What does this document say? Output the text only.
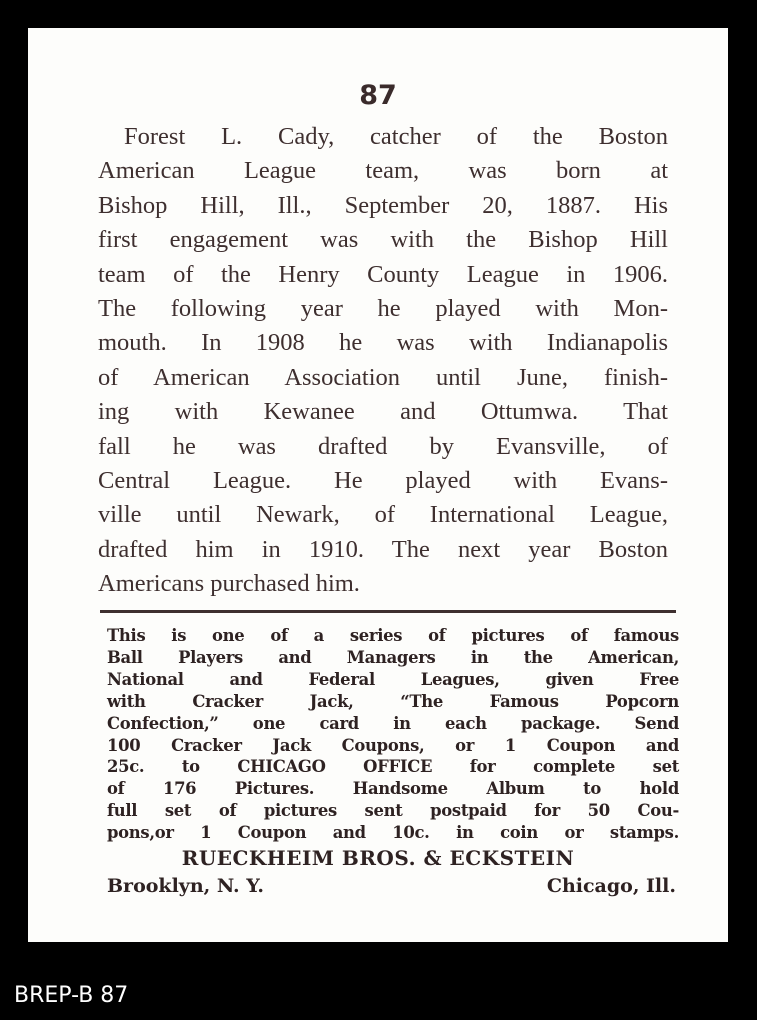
87
Forest L. Cady, catcher of the Boston
American League team, was born at
Bishop Hill, Ill., September 20, 1887. His
first engagement was with the Bishop Hill
team of the Henry County League in 1906.
The following year he played with Mon-
mouth. In 1908 he was with Indianapolis
of American Association until June, finish-
ing with Kewanee and Ottumwa. That
fall he was drafted by Evansville, of
Central League. He played with Evans-
ville until Newark, of International League,
drafted him in 1910. The next year Boston
Americans purchased him.
This is one of a series of pictures of famous
Ball Players and Managers in the American,
National and Federal Leagues, given Free
with Cracker Jack, “The Famous Popcorn
Confection,” one card in each package. Send
100 Cracker Jack Coupons, or 1 Coupon and
25c. to CHICAGO OFFICE for complete set
of 176 Pictures. Handsome Album to hold
full set of pictures sent postpaid for 50 Cou-
pons,or 1 Coupon and 10c. in coin or stamps.
RUECKHEIM BROS. & ECKSTEIN
Brooklyn, N. Y.	Chicago, Ill.
BREP-B 87
